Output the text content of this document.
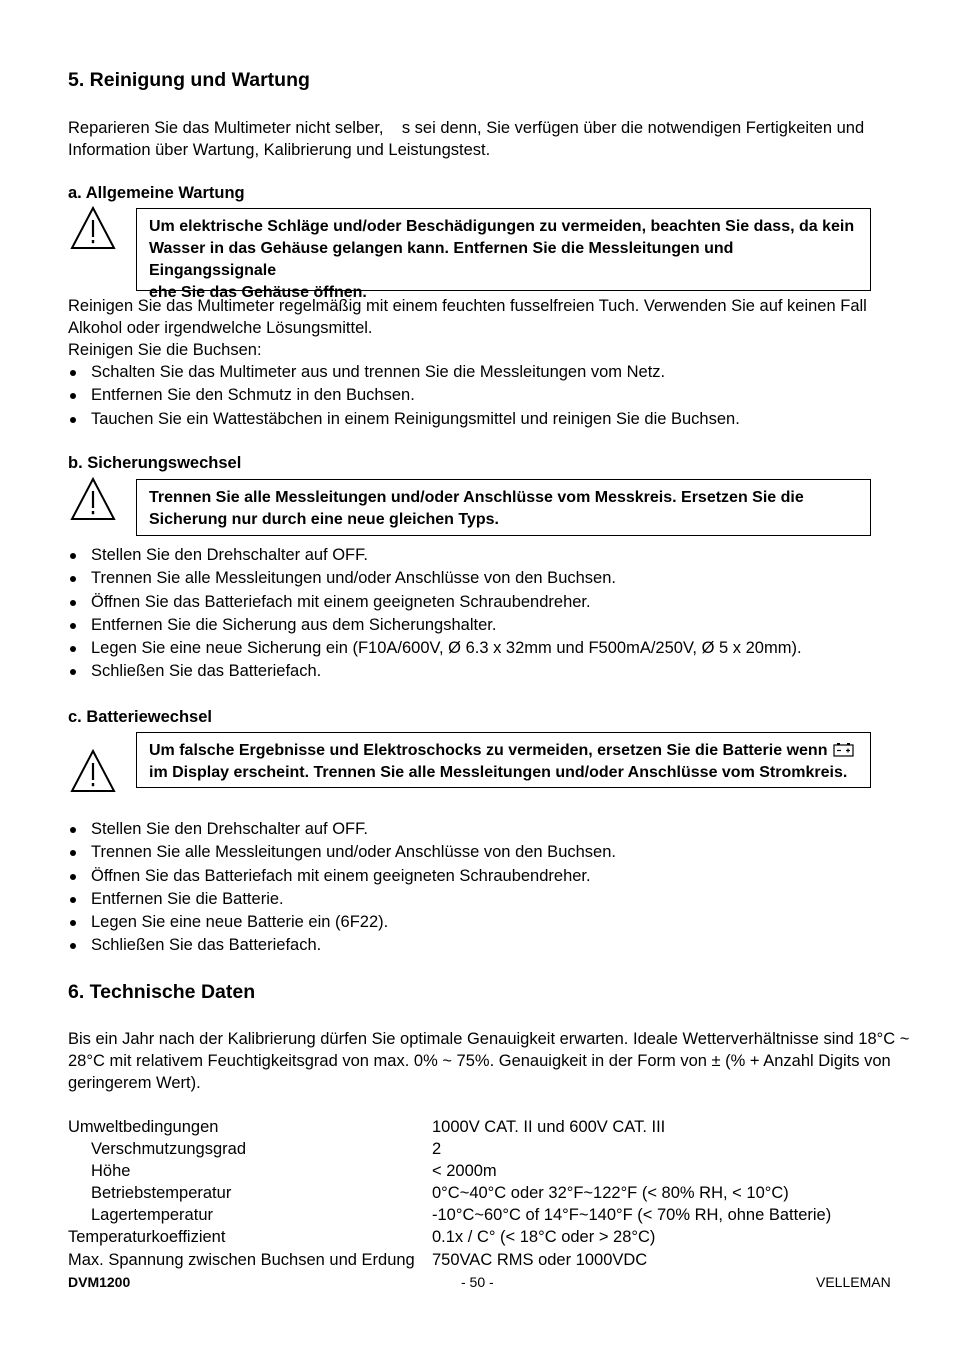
5. Reinigung und Wartung
Reparieren Sie das Multimeter nicht selber,    s sei denn, Sie verfügen über die notwendigen Fertigkeiten und
Information über Wartung, Kalibrierung und Leistungstest.
a. Allgemeine Wartung
Um elektrische Schläge und/oder Beschädigungen zu vermeiden, beachten Sie dass, da kein
Wasser in das Gehäuse gelangen kann. Entfernen Sie die Messleitungen und Eingangssignale
ehe Sie das Gehäuse öffnen.
Reinigen Sie das Multimeter regelmäßig mit einem feuchten fusselfreien Tuch. Verwenden Sie auf keinen Fall
Alkohol oder irgendwelche Lösungsmittel.
Reinigen Sie die Buchsen:
Schalten Sie das Multimeter aus und trennen Sie die Messleitungen vom Netz.
Entfernen Sie den Schmutz in den Buchsen.
Tauchen Sie ein Wattestäbchen in einem Reinigungsmittel und reinigen Sie die Buchsen.
b. Sicherungswechsel
Trennen Sie alle Messleitungen und/oder Anschlüsse vom Messkreis. Ersetzen Sie die
Sicherung nur durch eine neue gleichen Typs.
Stellen Sie den Drehschalter auf OFF.
Trennen Sie alle Messleitungen und/oder Anschlüsse von den Buchsen.
Öffnen Sie das Batteriefach mit einem geeigneten Schraubendreher.
Entfernen Sie die Sicherung aus dem Sicherungshalter.
Legen Sie eine neue Sicherung ein (F10A/600V, Ø 6.3 x 32mm und F500mA/250V, Ø 5 x 20mm).
Schließen Sie das Batteriefach.
c. Batteriewechsel
Um falsche Ergebnisse und Elektroschocks zu vermeiden, ersetzen Sie die Batterie wenn
im Display erscheint. Trennen Sie alle Messleitungen und/oder Anschlüsse vom Stromkreis.
Stellen Sie den Drehschalter auf OFF.
Trennen Sie alle Messleitungen und/oder Anschlüsse von den Buchsen.
Öffnen Sie das Batteriefach mit einem geeigneten Schraubendreher.
Entfernen Sie die Batterie.
Legen Sie eine neue Batterie ein (6F22).
Schließen Sie das Batteriefach.
6. Technische Daten
Bis ein Jahr nach der Kalibrierung dürfen Sie optimale Genauigkeit erwarten. Ideale Wetterverhältnisse sind 18°C ~
28°C mit relativem Feuchtigkeitsgrad von max. 0% ~ 75%. Genauigkeit in der Form von ± (% + Anzahl Digits von
geringerem Wert).
Umweltbedingungen	1000V CAT. II und 600V CAT. III
Verschmutzungsgrad	2
Höhe	< 2000m
Betriebstemperatur	0°C~40°C oder 32°F~122°F (< 80% RH, < 10°C)
Lagertemperatur	-10°C~60°C of 14°F~140°F (< 70% RH, ohne Batterie)
Temperaturkoeffizient	0.1x / C° (< 18°C oder > 28°C)
Max. Spannung zwischen Buchsen und Erdung 750VAC RMS oder 1000VDC
DVM1200	- 50 -	VELLEMAN
